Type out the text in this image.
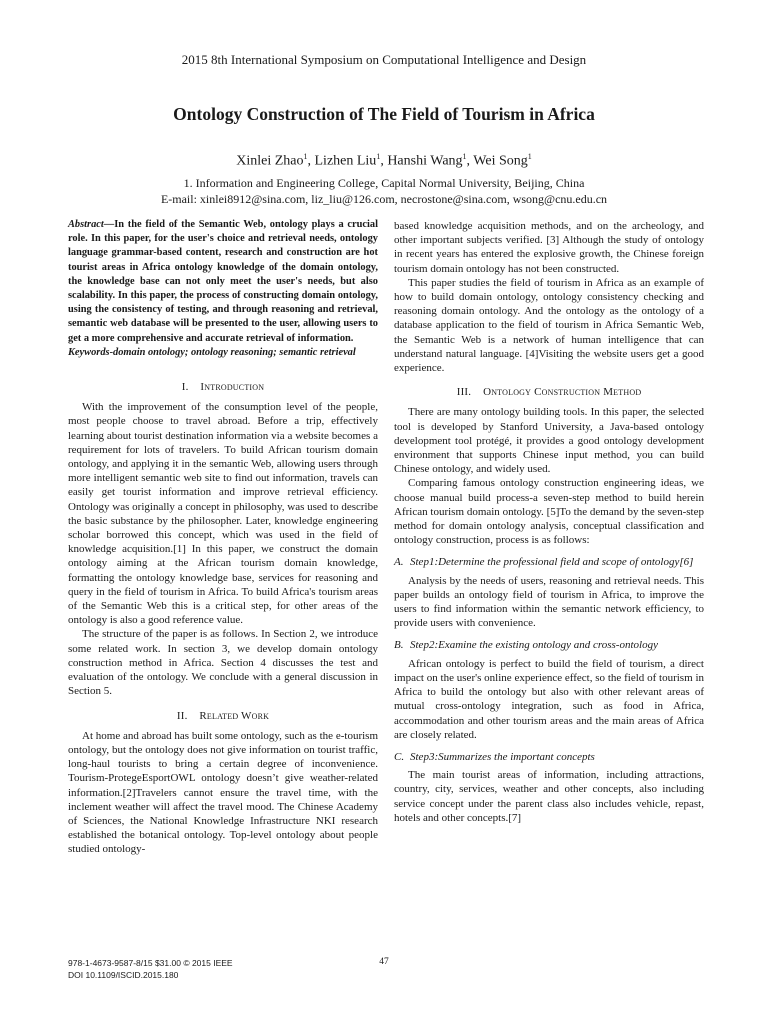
2015 8th International Symposium on Computational Intelligence and Design
Ontology Construction of The Field of Tourism in Africa
Xinlei Zhao$^1$, Lizhen Liu$^1$, Hanshi Wang$^1$, Wei Song$^1$
1. Information and Engineering College, Capital Normal University, Beijing, China
E-mail: xinlei8912@sina.com, liz_liu@126.com, necrostone@sina.com, wsong@cnu.edu.cn

Abstract—In the field of the Semantic Web, ontology plays a crucial role. In this paper, for the user's choice and retrieval needs, ontology language grammar-based content, research and construction are hot tourist areas in Africa ontology knowledge of the domain ontology, the knowledge base can not only meet the user's needs, but also scalability. In this paper, the process of constructing domain ontology, using the consistency of testing, and through reasoning and retrieval, semantic web database will be presented to the user, allowing users to get a more comprehensive and accurate retrieval of information.

Keywords-domain ontology; ontology reasoning; semantic retrieval

I. Introduction

With the improvement of the consumption level of the people, most people choose to travel abroad. Before a trip, effectively learning about tourist destination information via a website becomes a requirement for lots of travelers. To build African tourism domain ontology, and applying it in the semantic Web, allowing users through more intelligent semantic web site to find out information, travels can easily get tourist information and improve retrieval efficiency. Ontology was originally a concept in philosophy, was used to describe the basic substance by the philosopher. Later, knowledge engineering scholar borrowed this concept, which was used in the field of knowledge acquisition.[1] In this paper, we construct the domain ontology aiming at the African tourism domain knowledge, formatting the ontology knowledge base, services for reasoning and query in the field of tourism in Africa. To build Africa's tourism areas of the Semantic Web this is a critical step, for other areas of the ontology is also a good reference value.

The structure of the paper is as follows. In Section 2, we introduce some related work. In section 3, we develop domain ontology construction method in Africa. Section 4 discusses the test and evaluation of the ontology. We conclude with a general discussion in Section 5.

II. Related Work

At home and abroad has built some ontology, such as the e-tourism ontology, but the ontology does not give information on tourist traffic, long-haul tourists to bring a certain degree of inconvenience. Tourism-ProtegeEsportOWL ontology doesn’t give weather-related information.[2]Travelers cannot ensure the travel time, with the inclement weather will affect the travel mood. The Chinese Academy of Sciences, the National Knowledge Infrastructure NKI research established the botanical ontology. Top-level ontology about people studied ontology-

based knowledge acquisition methods, and on the archeology, and other important subjects verified. [3] Although the study of ontology in recent years has entered the explosive growth, the Chinese foreign tourism domain ontology has not been constructed.

This paper studies the field of tourism in Africa as an example of how to build domain ontology, ontology consistency checking and reasoning domain ontology. And the ontology as the ontology of a database application to the field of tourism in Africa Semantic Web, the Semantic Web is a network of human intelligence that can understand natural language. [4]Visiting the website users get a good experience.

III. Ontology Construction Method

There are many ontology building tools. In this paper, the selected tool is developed by Stanford University, a Java-based ontology development tool protégé, it provides a good ontology development environment that supports Chinese input method, you can build Chinese ontology, and widely used.

Comparing famous ontology construction engineering ideas, we choose manual build process-a seven-step method to build herein African tourism domain ontology. [5]To the demand by the seven-step method for domain ontology analysis, conceptual classification and ontology construction, process is as follows:

A. Step1:Determine the professional field and scope of ontology[6]

Analysis by the needs of users, reasoning and retrieval needs. This paper builds an ontology field of tourism in Africa, to improve the users to find information within the semantic network efficiency, to provide users with convenience.

B. Step2:Examine the existing ontology and cross-ontology

African ontology is perfect to build the field of tourism, a direct impact on the user's online experience effect, so the field of tourism in Africa to build the ontology but also with other relevant areas of mutual cross-ontology integration, such as food in Africa, accommodation and other tourism areas and the main areas of Africa are closely related.

C. Step3:Summarizes the important concepts

The main tourist areas of information, including attractions, country, city, services, weather and other concepts, also including service concept under the parent class also includes vehicle, repast, hotels and other concepts.[7]

978-1-4673-9587-8/15 $31.00 © 2015 IEEE
DOI 10.1109/ISCID.2015.180
47
